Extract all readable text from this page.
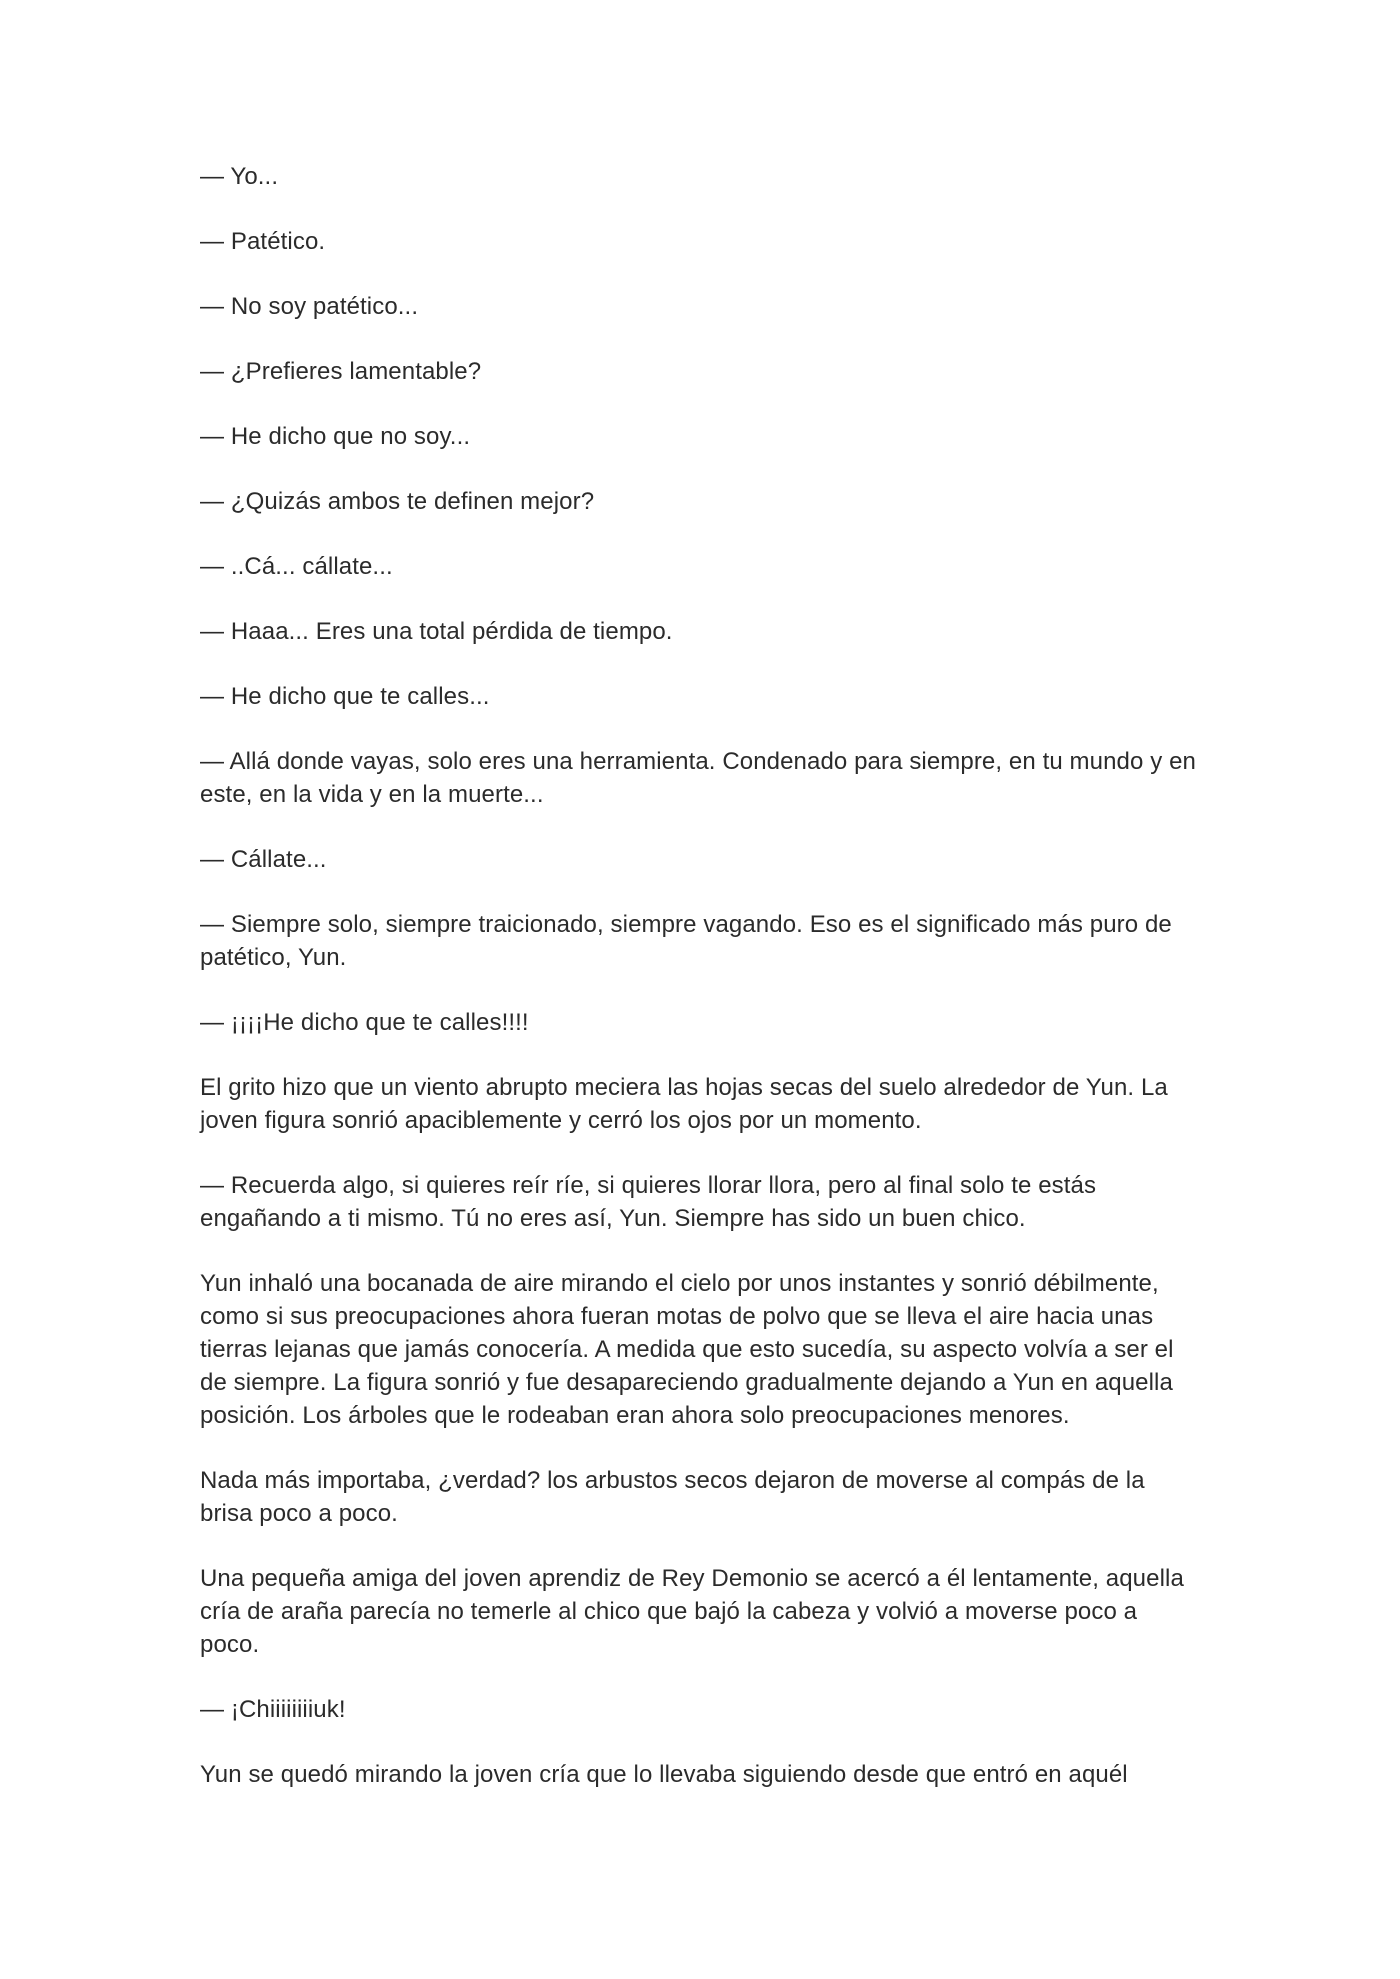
— Yo...

— Patético.

— No soy patético...

— ¿Prefieres lamentable?

— He dicho que no soy...

— ¿Quizás ambos te definen mejor?

— ..Cá... cállate...

— Haaa... Eres una total pérdida de tiempo.

— He dicho que te calles...

— Allá donde vayas, solo eres una herramienta. Condenado para siempre, en tu mundo y en este, en la vida y en la muerte...

— Cállate...

— Siempre solo, siempre traicionado, siempre vagando. Eso es el significado más puro de patético, Yun.

— ¡¡¡¡He dicho que te calles!!!!

El grito hizo que un viento abrupto meciera las hojas secas del suelo alrededor de Yun. La joven figura sonrió apaciblemente y cerró los ojos por un momento.

— Recuerda algo, si quieres reír ríe, si quieres llorar llora, pero al final solo te estás engañando a ti mismo. Tú no eres así, Yun. Siempre has sido un buen chico.

Yun inhaló una bocanada de aire mirando el cielo por unos instantes y sonrió débilmente, como si sus preocupaciones ahora fueran motas de polvo que se lleva el aire hacia unas tierras lejanas que jamás conocería. A medida que esto sucedía, su aspecto volvía a ser el de siempre. La figura sonrió y fue desapareciendo gradualmente dejando a Yun en aquella posición. Los árboles que le rodeaban eran ahora solo preocupaciones menores.

Nada más importaba, ¿verdad? los arbustos secos dejaron de moverse al compás de la brisa poco a poco.

Una pequeña amiga del joven aprendiz de Rey Demonio se acercó a él lentamente, aquella cría de araña parecía no temerle al chico que bajó la cabeza y volvió a moverse poco a poco.

— ¡Chiiiiiiiiuk!

Yun se quedó mirando la joven cría que lo llevaba siguiendo desde que entró en aquél
